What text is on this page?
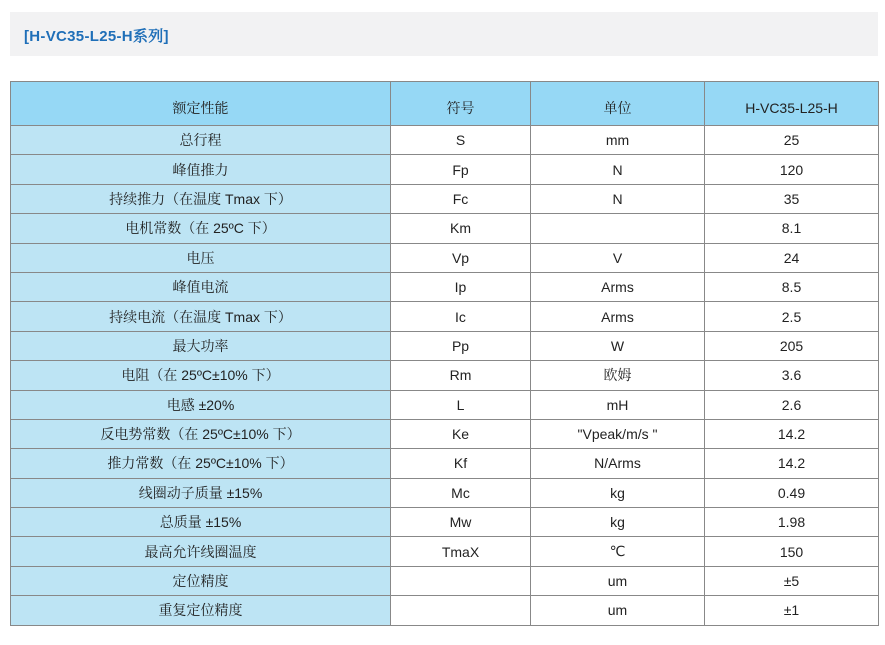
[H-VC35-L25-H系列]
额定性能	符号	单位	H-VC35-L25-H
总行程	S	mm	25
峰值推力	Fp	N	120
持续推力（在温度 Tmax 下）	Fc	N	35
电机常数（在 25ºC 下）	Km		8.1
电压	Vp	V	24
峰值电流	Ip	Arms	8.5
持续电流（在温度 Tmax 下）	Ic	Arms	2.5
最大功率	Pp	W	205
电阻（在 25ºC±10% 下）	Rm	欧姆	3.6
电感 ±20%	L	mH	2.6
反电势常数（在 25ºC±10% 下）	Ke	"Vpeak/m/s "	14.2
推力常数（在 25ºC±10% 下）	Kf	N/Arms	14.2
线圈动子质量 ±15%	Mc	kg	0.49
总质量 ±15%	Mw	kg	1.98
最高允许线圈温度	TmaX	℃	150
定位精度		um	±5
重复定位精度		um	±1
